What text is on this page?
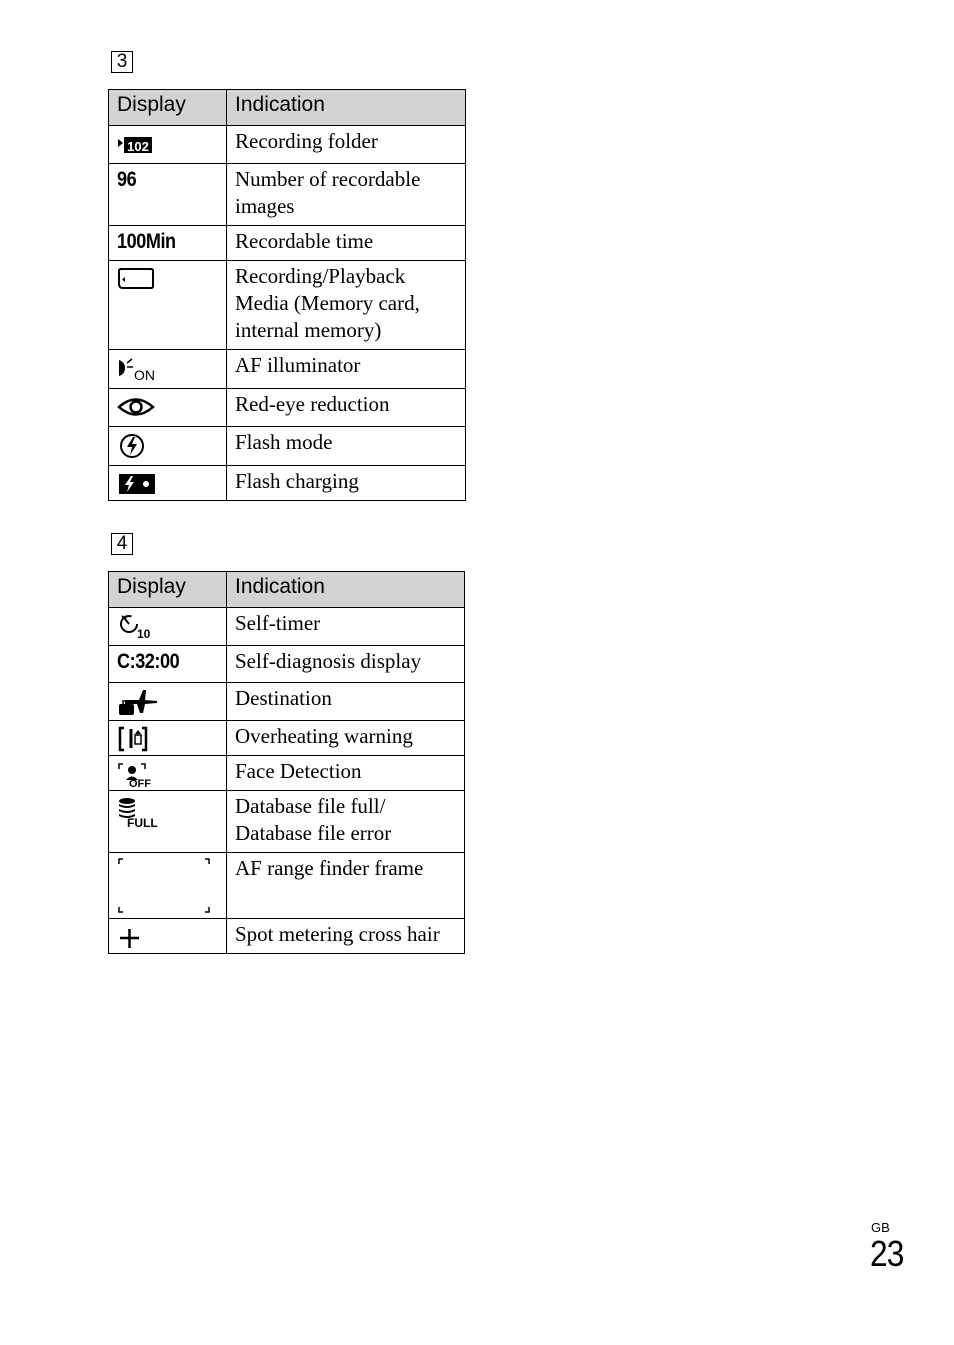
3
Display	Indication

102	Recording folder
96	Number of recordable images
100Min	Recordable time

	Recording/Playback Media (Memory card, internal memory)

ON	AF illuminator

	Red-eye reduction

	Flash mode

	Flash charging
4
Display	Indication

10	Self-timer
C:32:00	Self-diagnosis display

	Destination

	Overheating warning

OFF	Face Detection

FULL	Database file full/ Database file error

	AF range finder frame

	Spot metering cross hair
GB
23
